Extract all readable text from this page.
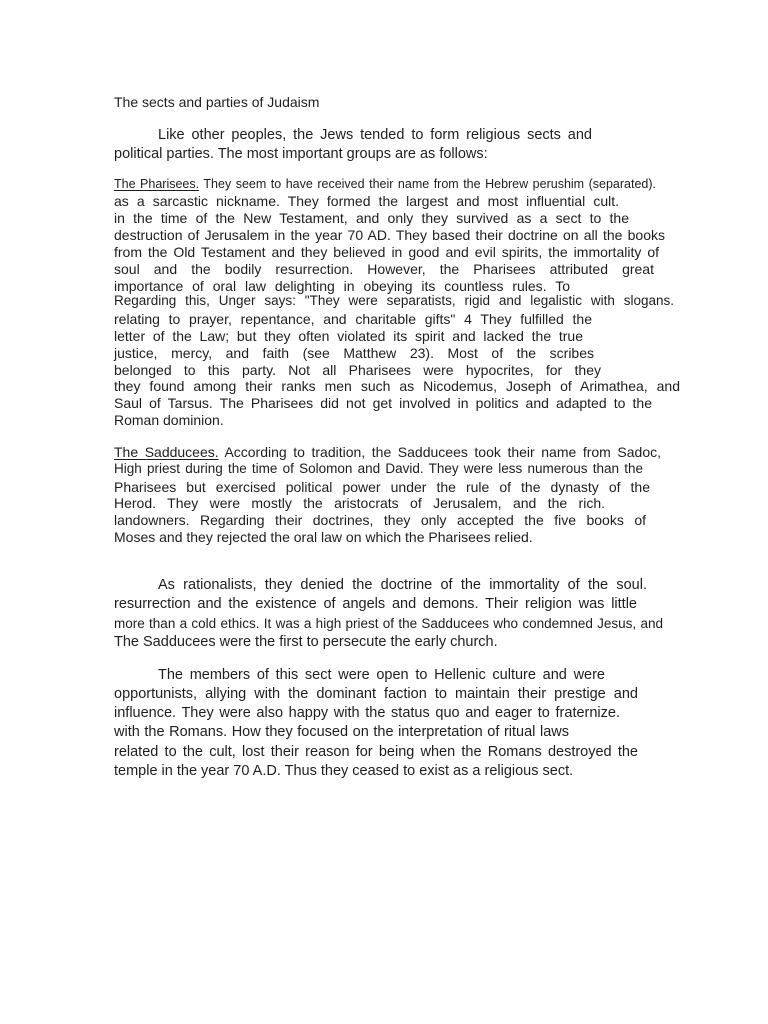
The sects and parties of Judaism
Like other peoples, the Jews tended to form religious sects and
political parties. The most important groups are as follows:
The Pharisees. They seem to have received their name from the Hebrew perushim (separated).
as a sarcastic nickname. They formed the largest and most influential cult.
in the time of the New Testament, and only they survived as a sect to the
destruction of Jerusalem in the year 70 AD. They based their doctrine on all the books
from the Old Testament and they believed in good and evil spirits, the immortality of
soul and the bodily resurrection. However, the Pharisees attributed great
importance of oral law delighting in obeying its countless rules. To
Regarding this, Unger says: "They were separatists, rigid and legalistic with slogans.
relating to prayer, repentance, and charitable gifts" 4 They fulfilled the
letter of the Law; but they often violated its spirit and lacked the true
justice, mercy, and faith (see Matthew 23). Most of the scribes
belonged to this party. Not all Pharisees were hypocrites, for they
they found among their ranks men such as Nicodemus, Joseph of Arimathea, and
Saul of Tarsus. The Pharisees did not get involved in politics and adapted to the
Roman dominion.
The Sadducees. According to tradition, the Sadducees took their name from Sadoc,
High priest during the time of Solomon and David. They were less numerous than the
Pharisees but exercised political power under the rule of the dynasty of the
Herod. They were mostly the aristocrats of Jerusalem, and the rich.
landowners. Regarding their doctrines, they only accepted the five books of
Moses and they rejected the oral law on which the Pharisees relied.
As rationalists, they denied the doctrine of the immortality of the soul.
resurrection and the existence of angels and demons. Their religion was little
more than a cold ethics. It was a high priest of the Sadducees who condemned Jesus, and
The Sadducees were the first to persecute the early church.
The members of this sect were open to Hellenic culture and were
opportunists, allying with the dominant faction to maintain their prestige and
influence. They were also happy with the status quo and eager to fraternize.
with the Romans. How they focused on the interpretation of ritual laws
related to the cult, lost their reason for being when the Romans destroyed the
temple in the year 70 A.D. Thus they ceased to exist as a religious sect.
